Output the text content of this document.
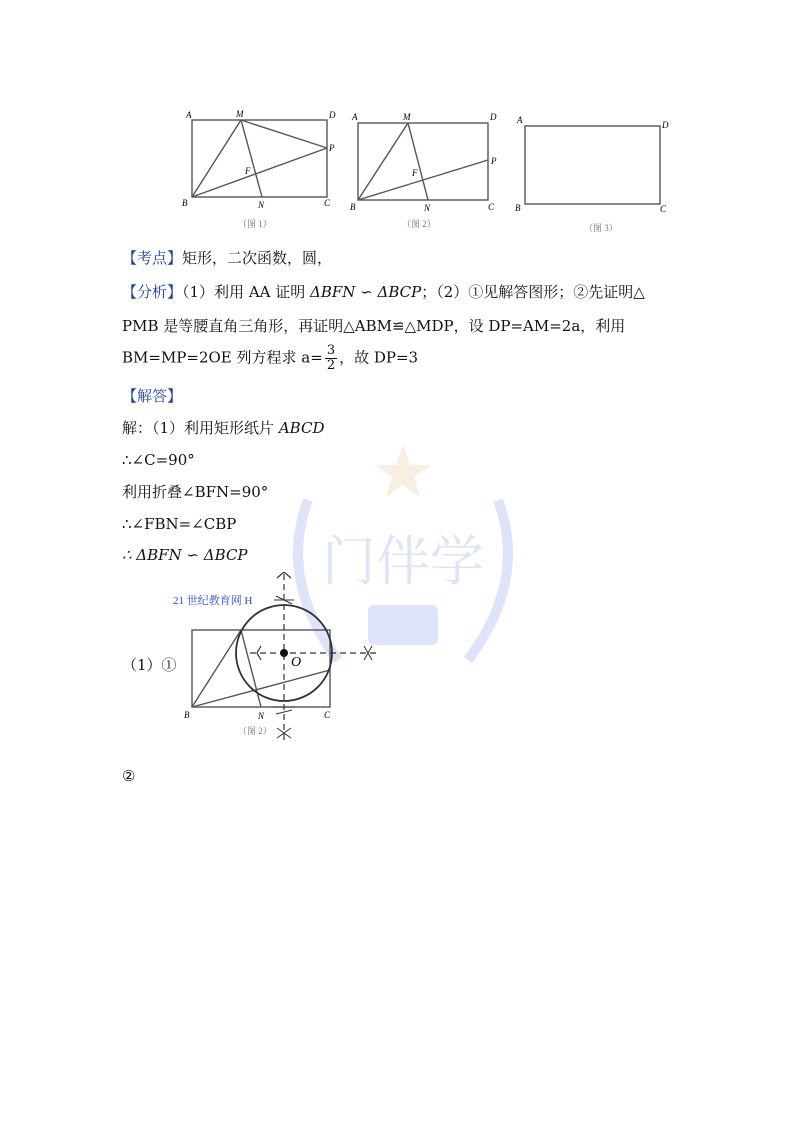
门伴学
A	M	D
P
F
B	N	C
（图 1）
A	M	D
P
F
B	N	C
（图 2）
A	D
B	C
（图 3）
【考点】矩形，二次函数，圆，
【分析】（1）利用 AA 证明 ΔBFN ∽ ΔBCP；（2）①见解答图形；②先证明△
PMB 是等腰直角三角形，再证明△ABM≌△MDP，设 DP=AM=2a，利用
BM=MP=2OE 列方程求 $a= \frac{3}{2}$ ，故 DP=3
【解答】
解：（1）利用矩形纸片 ABCD
∴∠C=90°
利用折叠∠BFN=90°
∴∠FBN=∠CBP
∴ ΔBFN ∽ ΔBCP
（1）①
21 世纪教育网 H
O
B	N	C
（图 2）
②
